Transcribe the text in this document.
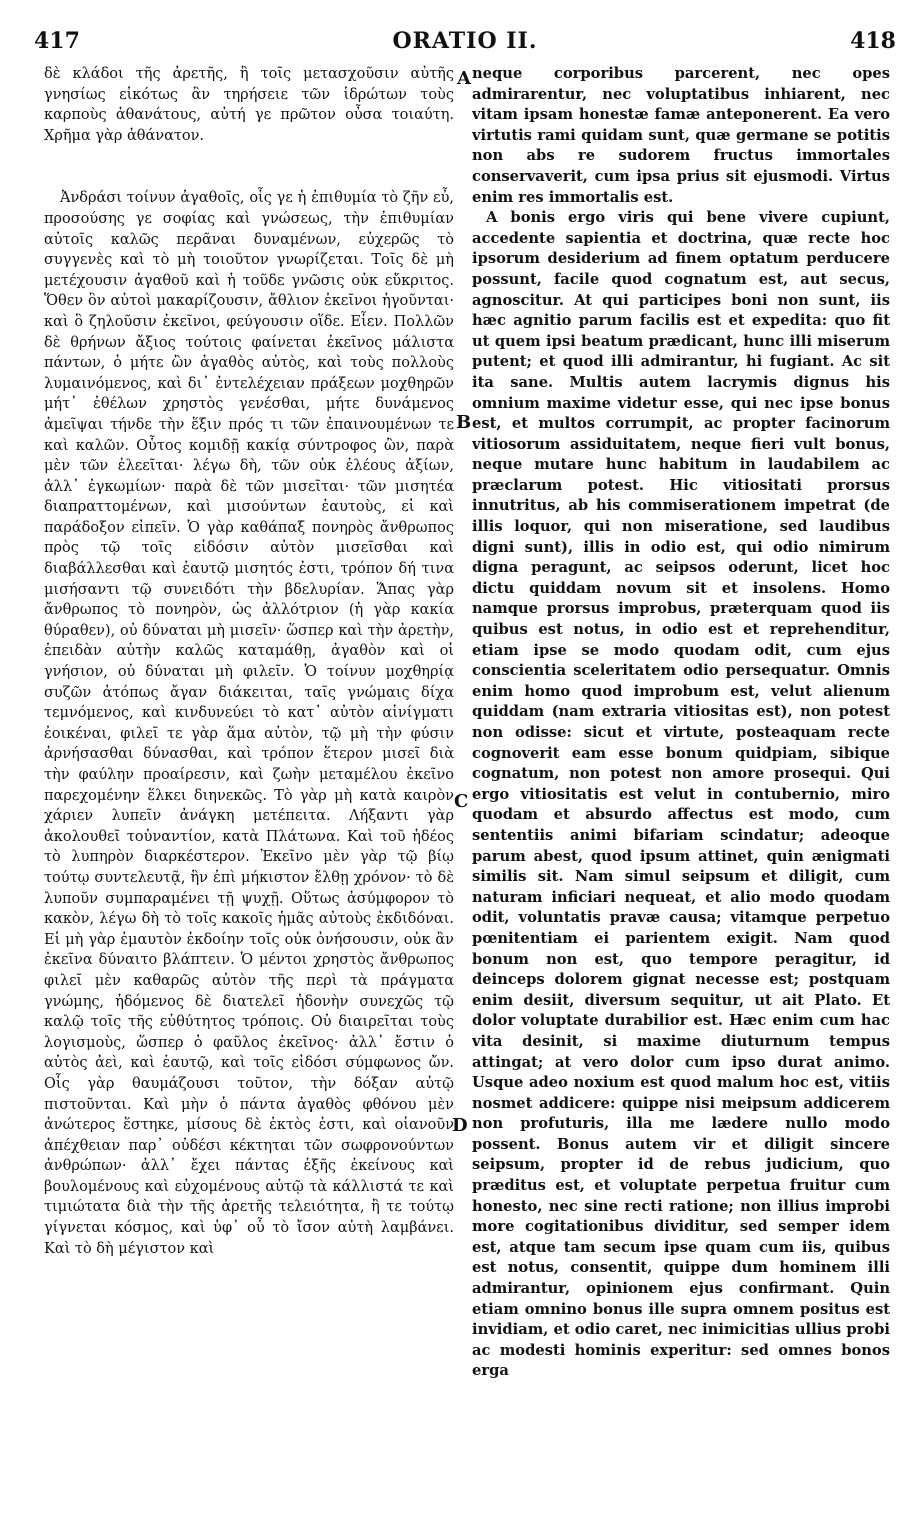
417	ORATIO II.	418

δὲ κλάδοι τῆς ἀρετῆς, ἢ τοῖς μετασχοῦσιν αὐτῆς γνησίως εἰκότως ἂν τηρήσειε τῶν ἱδρώτων τοὺς καρποὺς ἀθανάτους, αὐτή γε πρῶτον οὖσα τοιαύτη. Χρῆμα γὰρ ἀθάνατον.

Ἀνδράσι τοίνυν ἀγαθοῖς, οἷς γε ἡ ἐπιθυμία τὸ ζῆν εὖ, προσούσης γε σοφίας καὶ γνώσεως, τὴν ἐπιθυμίαν αὐτοῖς καλῶς περᾶναι δυναμένων, εὐχερῶς τὸ συγγενὲς καὶ τὸ μὴ τοιοῦτον γνωρίζεται. Τοῖς δὲ μὴ μετέχουσιν ἀγαθοῦ καὶ ἡ τοῦδε γνῶσις οὐκ εὔκριτος. Ὅθεν ὃν αὐτοὶ μακαρίζουσιν, ἄθλιον ἐκεῖνοι ἡγοῦνται· καὶ ὃ ζηλοῦσιν ἐκεῖνοι, φεύγουσιν οἵδε. Εἶεν. Πολλῶν δὲ θρήνων ἄξιος τούτοις φαίνεται ἐκεῖνος μάλιστα πάντων, ὁ μήτε ὢν ἀγαθὸς αὐτὸς, καὶ τοὺς πολλοὺς λυμαινόμενος, καὶ δι᾽ ἐντελέχειαν πράξεων μοχθηρῶν μήτ᾽ ἐθέλων χρηστὸς γενέσθαι, μήτε δυνάμενος ἀμεῖψαι τήνδε τὴν ἕξιν πρός τι τῶν ἐπαινουμένων τε καὶ καλῶν. Οὗτος κομιδῇ κακίᾳ σύντροφος ὢν, παρὰ μὲν τῶν ἐλεεῖται· λέγω δὴ, τῶν οὐκ ἐλέους ἀξίων, ἀλλ᾽ ἐγκωμίων· παρὰ δὲ τῶν μισεῖται· τῶν μισητέα διαπραττομένων, καὶ μισούντων ἑαυτοὺς, εἰ καὶ παράδοξον εἰπεῖν. Ὁ γὰρ καθάπαξ πονηρὸς ἄνθρωπος πρὸς τῷ τοῖς εἰδόσιν αὐτὸν μισεῖσθαι καὶ διαβάλλεσθαι καὶ ἑαυτῷ μισητός ἐστι, τρόπον δή τινα μισήσαντι τῷ συνειδότι τὴν βδελυρίαν. Ἅπας γὰρ ἄνθρωπος τὸ πονηρὸν, ὡς ἀλλότριον (ἡ γὰρ κακία θύραθεν), οὐ δύναται μὴ μισεῖν· ὥσπερ καὶ τὴν ἀρετὴν, ἐπειδὰν αὐτὴν καλῶς καταμάθῃ, ἀγαθὸν καὶ οἱ γνήσιον, οὐ δύναται μὴ φιλεῖν. Ὁ τοίνυν μοχθηρίᾳ συζῶν ἀτόπως ἄγαν διάκειται, ταῖς γνώμαις δίχα τεμνόμενος, καὶ κινδυνεύει τὸ κατ᾽ αὐτὸν αἰνίγματι ἐοικέναι, φιλεῖ τε γὰρ ἅμα αὐτὸν, τῷ μὴ τὴν φύσιν ἀρνήσασθαι δύνασθαι, καὶ τρόπον ἕτερον μισεῖ διὰ τὴν φαύλην προαίρεσιν, καὶ ζωὴν μεταμέλου ἐκεῖνο παρεχομένην ἕλκει διηνεκῶς. Τὸ γὰρ μὴ κατὰ καιρὸν χάριεν λυπεῖν ἀνάγκη μετέπειτα. Λήξαντι γὰρ ἀκολουθεῖ τοὐναντίον, κατὰ Πλάτωνα. Καὶ τοῦ ἡδέος τὸ λυπηρὸν διαρκέστερον. Ἐκεῖνο μὲν γὰρ τῷ βίῳ τούτῳ συντελευτᾷ, ἣν ἐπὶ μήκιστον ἔλθῃ χρόνον· τὸ δὲ λυποῦν συμπαραμένει τῇ ψυχῇ. Οὕτως ἀσύμφορον τὸ κακὸν, λέγω δὴ τὸ τοῖς κακοῖς ἡμᾶς αὐτοὺς ἐκδιδόναι. Εἰ μὴ γὰρ ἐμαυτὸν ἐκδοίην τοῖς οὐκ ὀνήσουσιν, οὐκ ἂν ἐκεῖνα δύναιτο βλάπτειν. Ὁ μέντοι χρηστὸς ἄνθρωπος φιλεῖ μὲν καθαρῶς αὐτὸν τῆς περὶ τὰ πράγματα γνώμης, ἡδόμενος δὲ διατελεῖ ἡδονὴν συνεχῶς τῷ καλῷ τοῖς τῆς εὐθύτητος τρόποις. Οὐ διαιρεῖται τοὺς λογισμοὺς, ὥσπερ ὁ φαῦλος ἐκεῖνος· ἀλλ᾽ ἔστιν ὁ αὐτὸς ἀεὶ, καὶ ἑαυτῷ, καὶ τοῖς εἰδόσι σύμφωνος ὤν. Οἷς γὰρ θαυμάζουσι τοῦτον, τὴν δόξαν αὐτῷ πιστοῦνται. Καὶ μὴν ὁ πάντα ἀγαθὸς φθόνου μὲν ἀνώτερος ἕστηκε, μίσους δὲ ἐκτὸς ἐστι, καὶ οἱανοῦν ἀπέχθειαν παρ᾽ οὐδέσι κέκτηται τῶν σωφρονούντων ἀνθρώπων· ἀλλ᾽ ἔχει πάντας ἐξῆς ἐκείνους καὶ βουλομένους καὶ εὐχομένους αὐτῷ τὰ κάλλιστά τε καὶ τιμιώτατα διὰ τὴν τῆς ἀρετῆς τελειότητα, ἢ τε τούτῳ γίγνεται κόσμος, καὶ ὑφ᾽ οὗ τὸ ἴσον αὐτὴ λαμβάνει. Καὶ τὸ δὴ μέγιστον καὶ

A
B
C
D

neque corporibus parcerent, nec opes admirarentur, nec voluptatibus inhiarent, nec vitam ipsam honestæ famæ anteponerent. Ea vero virtutis rami quidam sunt, quæ germane se potitis non abs re sudorem fructus immortales conservaverit, cum ipsa prius sit ejusmodi. Virtus enim res immortalis est.

A bonis ergo viris qui bene vivere cupiunt, accedente sapientia et doctrina, quæ recte hoc ipsorum desiderium ad finem optatum perducere possunt, facile quod cognatum est, aut secus, agnoscitur. At qui participes boni non sunt, iis hæc agnitio parum facilis est et expedita: quo fit ut quem ipsi beatum prædicant, hunc illi miserum putent; et quod illi admirantur, hi fugiant. Ac sit ita sane. Multis autem lacrymis dignus his omnium maxime videtur esse, qui nec ipse bonus est, et multos corrumpit, ac propter facinorum vitiosorum assiduitatem, neque fieri vult bonus, neque mutare hunc habitum in laudabilem ac præclarum potest. Hic vitiositati prorsus innutritus, ab his commiserationem impetrat (de illis loquor, qui non miseratione, sed laudibus digni sunt), illis in odio est, qui odio nimirum digna peragunt, ac seipsos oderunt, licet hoc dictu quiddam novum sit et insolens. Homo namque prorsus improbus, præterquam quod iis quibus est notus, in odio est et reprehenditur, etiam ipse se modo quodam odit, cum ejus conscientia sceleritatem odio persequatur. Omnis enim homo quod improbum est, velut alienum quiddam (nam extraria vitiositas est), non potest non odisse: sicut et virtute, posteaquam recte cognoverit eam esse bonum quidpiam, sibique cognatum, non potest non amore prosequi. Qui ergo vitiositatis est velut in contubernio, miro quodam et absurdo affectus est modo, cum sententiis animi bifariam scindatur; adeoque parum abest, quod ipsum attinet, quin ænigmati similis sit. Nam simul seipsum et diligit, cum naturam inficiari nequeat, et alio modo quodam odit, voluntatis pravæ causa; vitamque perpetuo pœnitentiam ei parientem exigit. Nam quod bonum non est, quo tempore peragitur, id deinceps dolorem gignat necesse est; postquam enim desiit, diversum sequitur, ut ait Plato. Et dolor voluptate durabilior est. Hæc enim cum hac vita desinit, si maxime diuturnum tempus attingat; at vero dolor cum ipso durat animo. Usque adeo noxium est quod malum hoc est, vitiis nosmet addicere: quippe nisi meipsum addicerem non profuturis, illa me lædere nullo modo possent. Bonus autem vir et diligit sincere seipsum, propter id de rebus judicium, quo præditus est, et voluptate perpetua fruitur cum honesto, nec sine recti ratione; non illius improbi more cogitationibus dividitur, sed semper idem est, atque tam secum ipse quam cum iis, quibus est notus, consentit, quippe dum hominem illi admirantur, opinionem ejus confirmant. Quin etiam omnino bonus ille supra omnem positus est invidiam, et odio caret, nec inimicitias ullius probi ac modesti hominis experitur: sed omnes bonos erga
